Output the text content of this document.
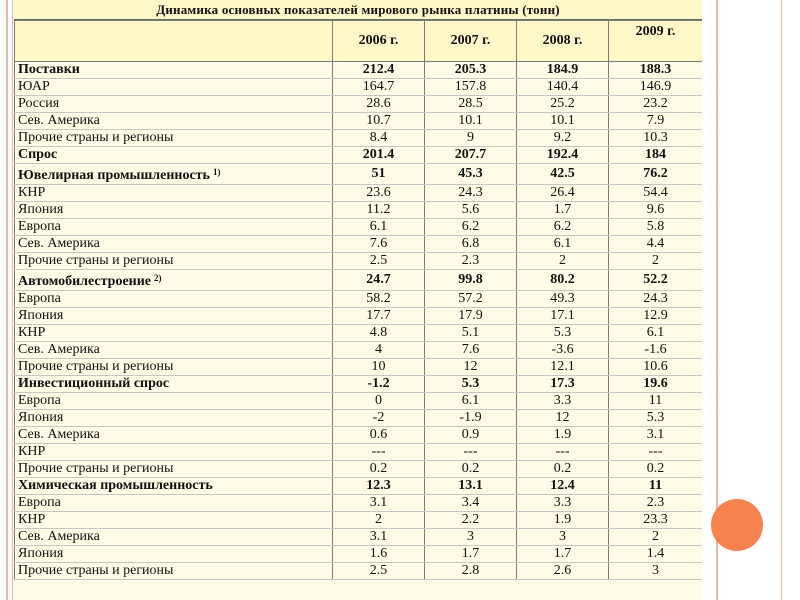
Динамика основных показателей мирового рынка платины (тонн)
	2006 г.	2007 г.	2008 г.	2009 г.
Поставки	212.4	205.3	184.9	188.3
ЮАР	164.7	157.8	140.4	146.9
Россия	28.6	28.5	25.2	23.2
Сев. Америка	10.7	10.1	10.1	7.9
Прочие страны и регионы	8.4	9	9.2	10.3
Спрос	201.4	207.7	192.4	184
Ювелирная промышленность $^{1)}$	51	45.3	42.5	76.2
КНР	23.6	24.3	26.4	54.4
Япония	11.2	5.6	1.7	9.6
Европа	6.1	6.2	6.2	5.8
Сев. Америка	7.6	6.8	6.1	4.4
Прочие страны и регионы	2.5	2.3	2	2
Автомобилестроение $^{2)}$	24.7	99.8	80.2	52.2
Европа	58.2	57.2	49.3	24.3
Япония	17.7	17.9	17.1	12.9
КНР	4.8	5.1	5.3	6.1
Сев. Америка	4	7.6	-3.6	-1.6
Прочие страны и регионы	10	12	12.1	10.6
Инвестиционный спрос	-1.2	5.3	17.3	19.6
Европа	0	6.1	3.3	11
Япония	-2	-1.9	12	5.3
Сев. Америка	0.6	0.9	1.9	3.1
КНР	---	---	---	---
Прочие страны и регионы	0.2	0.2	0.2	0.2
Химическая промышленность	12.3	13.1	12.4	11
Европа	3.1	3.4	3.3	2.3
КНР	2	2.2	1.9	23.3
Сев. Америка	3.1	3	3	2
Япония	1.6	1.7	1.7	1.4
Прочие страны и регионы	2.5	2.8	2.6	3
